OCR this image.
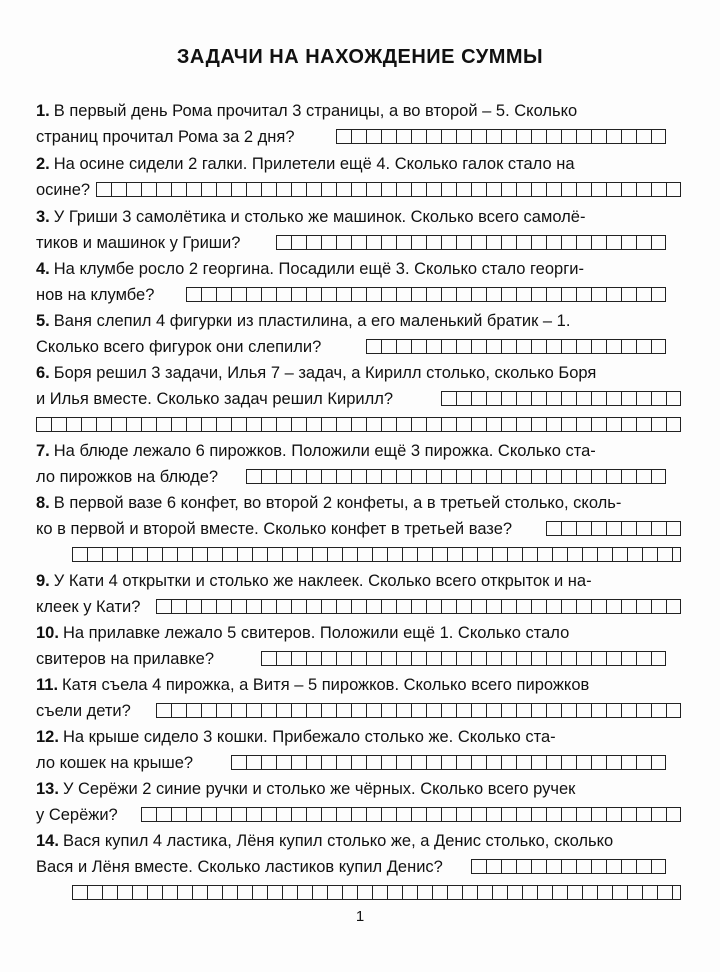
ЗАДАЧИ НА НАХОЖДЕНИЕ СУММЫ
1. В первый день Рома прочитал 3 страницы, а во второй – 5. Сколько
страниц прочитал Рома за 2 дня?
2. На осине сидели 2 галки. Прилетели ещё 4. Сколько галок стало на
осине?
3. У Гриши 3 самолётика и столько же машинок. Сколько всего самолё-
тиков и машинок у Гриши?
4. На клумбе росло 2 георгина. Посадили ещё 3. Сколько стало георги-
нов на клумбе?
5. Ваня слепил 4 фигурки из пластилина, а его маленький братик – 1.
Сколько всего фигурок они слепили?
6. Боря решил 3 задачи, Илья 7 – задач, а Кирилл столько, сколько Боря
и Илья вместе. Сколько задач решил Кирилл?
7. На блюде лежало 6 пирожков. Положили ещё 3 пирожка. Сколько ста-
ло пирожков на блюде?
8. В первой вазе 6 конфет, во второй 2 конфеты, а в третьей столько, сколь-
ко в первой и второй вместе. Сколько конфет в третьей вазе?
9. У Кати 4 открытки и столько же наклеек. Сколько всего открыток и на-
клеек у Кати?
10. На прилавке лежало 5 свитеров. Положили ещё 1. Сколько стало
свитеров на прилавке?
11. Катя съела 4 пирожка, а Витя – 5 пирожков. Сколько всего пирожков
съели дети?
12. На крыше сидело 3 кошки. Прибежало столько же. Сколько ста-
ло кошек на крыше?
13. У Серёжи 2 синие ручки и столько же чёрных. Сколько всего ручек
у Серёжи?
14. Вася купил 4 ластика, Лёня купил столько же, а Денис столько, сколько
Вася и Лёня вместе. Сколько ластиков купил Денис?
1
